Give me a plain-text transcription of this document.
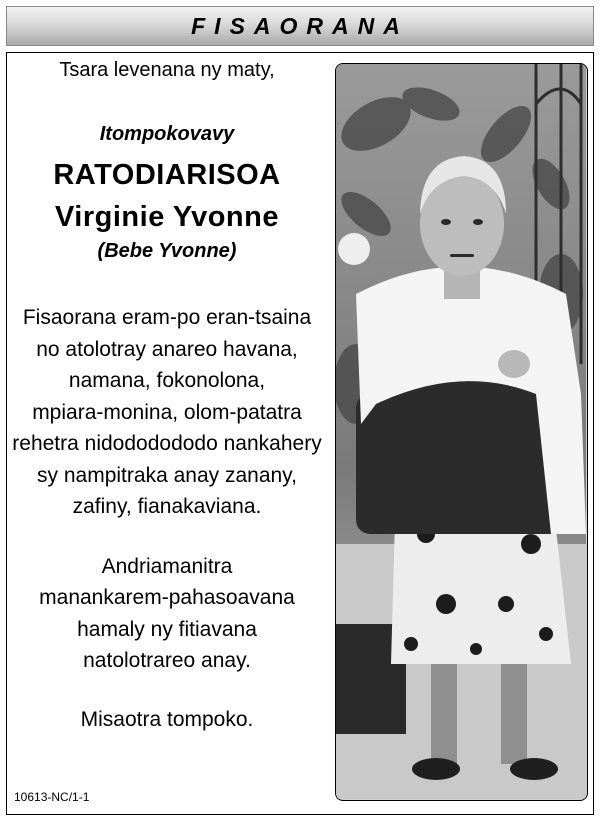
FISAORANA
Tsara levenana ny maty,
Itompokovavy
RATODIARISOA
Virginie Yvonne
(Bebe Yvonne)
Fisaorana eram-po eran-tsaina
no atolotray anareo havana,
namana, fokonolona,
mpiara-monina, olom-patatra
rehetra nidododododo nankahery
sy nampitraka anay zanany,
zafiny, fianakaviana.
Andriamanitra
manankarem-pahasoavana
hamaly ny fitiavana
natolotrareo anay.
Misaotra tompoko.
10613-NC/1-1
